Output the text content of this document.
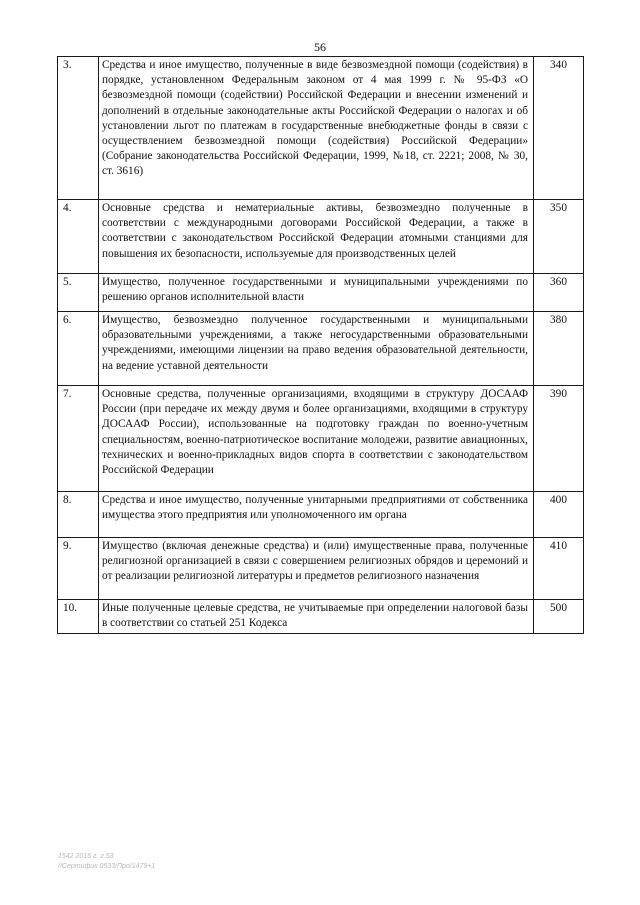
56
3.	Средства и иное имущество, полученные в виде безвозмездной помощи (содействия) в порядке, установленном Федеральным законом от 4 мая 1999 г. № 95-ФЗ «О безвозмездной помощи (содействии) Российской Федерации и внесении изменений и дополнений в отдельные законодательные акты Российской Федерации о налогах и об установлении льгот по платежам в государственные внебюджетные фонды в связи с осуществлением безвозмездной помощи (содействия) Российской Федерации» (Собрание законодательства Российской Федерации, 1999, №18, ст. 2221; 2008, № 30, ст. 3616)	340
4.	Основные средства и нематериальные активы, безвозмездно полученные в соответствии с международными договорами Российской Федерации, а также в соответствии с законодательством Российской Федерации атомными станциями для повышения их безопасности, используемые для производственных целей	350
5.	Имущество, полученное государственными и муниципальными учреждениями по решению органов исполнительной власти	360
6.	Имущество, безвозмездно полученное государственными и муниципальными образовательными учреждениями, а также негосударственными образовательными учреждениями, имеющими лицензии на право ведения образовательной деятельности, на ведение уставной деятельности	380
7.	Основные средства, полученные организациями, входящими в структуру ДОСААФ России (при передаче их между двумя и более организациями, входящими в структуру ДОСААФ России), использованные на подготовку граждан по военно-учетным специальностям, военно-патриотическое воспитание молодежи, развитие авиационных, технических и военно-прикладных видов спорта в соответствии с законодательством Российской Федерации	390
8.	Средства и иное имущество, полученные унитарными предприятиями от собственника имущества этого предприятия или уполномоченного им органа	400
9.	Имущество (включая денежные средства) и (или) имущественные права, полученные религиозной организацией в связи с совершением религиозных обрядов и церемоний и от реализации религиозной литературы и предметов религиозного назначения	410
10.	Иные полученные целевые средства, не учитываемые при определении налоговой базы в соответствии со статьей 251 Кодекса	500
1542 2016 г. г.53
//Сертифик 0533/Про/1479+1
